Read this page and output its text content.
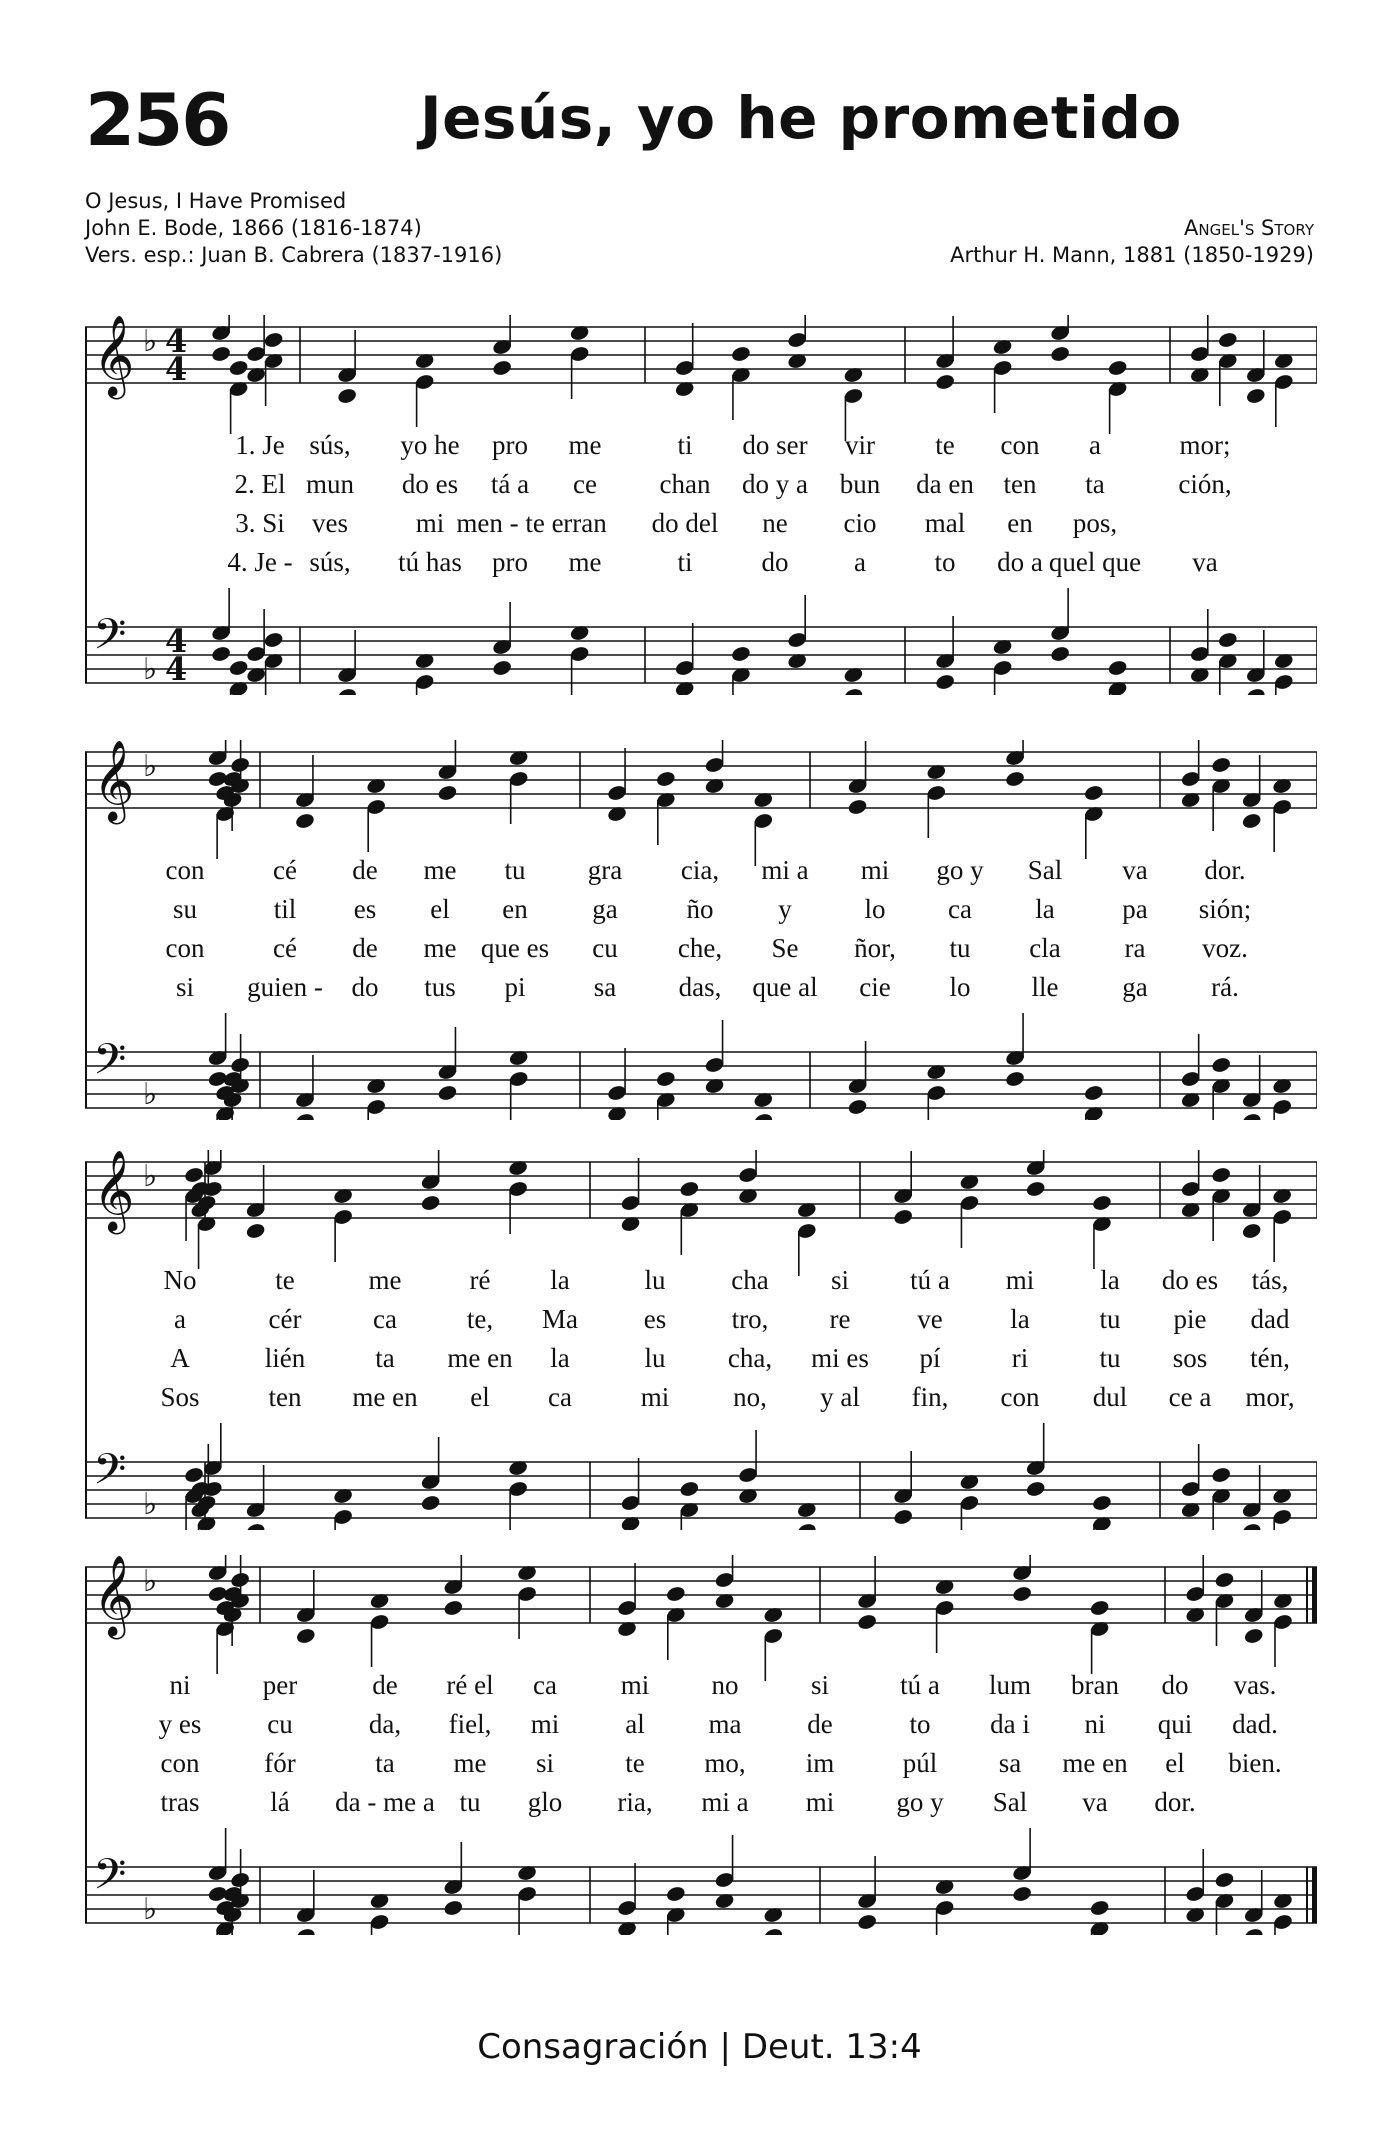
256	Jesús, yo he prometido
O Jesus, I Have Promised
John E. Bode, 1866 (1816-1874)
Vers. esp.: Juan B. Cabrera (1837-1916)

Angel's Story
Arthur H. Mann, 1881 (1850-1929)
𝄞 ♭ 4
4
𝄢 ♭
4
4
1. Je sús, yo he pro me	ti do ser vir te con a	mor;
2. El mun do es tá a ce chan do y a bun da en ten ta	ción,
3. Si ves	mi men - te e rran do del ne cio mal en pos,
4. Je - sús, tú has pro me	ti	do a	to do a quel que va
𝄞 ♭
𝄢 ♭
con	cé de me tu gra cia, mi a mi go y Sal va dor.
su	til es el en ga	ño y	lo ca la	pa sión;
con	cé de me que es cu che, Se ñor, tu cla ra voz.
si guien - do tus pi	sa das, que al cie lo lle ga rá.
𝄞 ♭
𝄢 ♭
No	te	me	ré la	lu cha si tú a mi la do es tás,
a	cér	ca	te, Ma es tro, re ve	la	tu pie dad
A	lién	ta me en la	lu cha, mi es pí	ri	tu sos tén,
Sos	ten me en el ca	mi no, y al fin, con dul ce a mor,
𝄞 ♭
𝄢 ♭
ni	per	de ré el ca mi no	si	tú a lum bran do vas.
y es cu	da, fiel, mi al ma de	to da i ni qui dad.
con fór	ta me si	te mo, im	púl sa me en el bien.
tras	lá da - me a tu glo ria, mi a mi go y Sal va dor.
Consagración | Deut. 13:4
